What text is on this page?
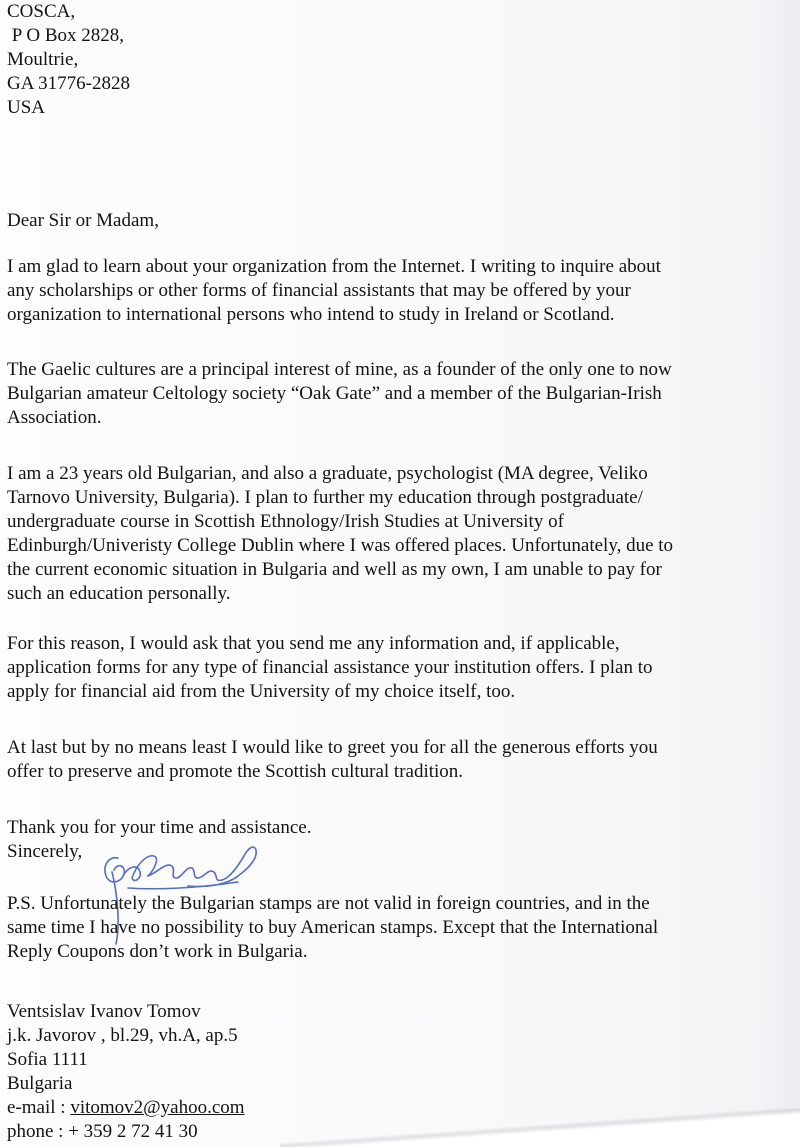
COSCA,
P O Box 2828,
Moultrie,
GA 31776-2828
USA
Dear Sir or Madam,
I am glad to learn about your organization from the Internet. I writing to inquire about
any scholarships or other forms of financial assistants that may be offered by your
organization to international persons who intend to study in Ireland or Scotland.
The Gaelic cultures are a principal interest of mine, as a founder of the only one to now
Bulgarian amateur Celtology society “Oak Gate” and a member of the Bulgarian-Irish
Association.
I am a 23 years old Bulgarian, and also a graduate, psychologist (MA degree, Veliko
Tarnovo University, Bulgaria). I plan to further my education through postgraduate/
undergraduate course in Scottish Ethnology/Irish Studies at University of
Edinburgh/Univeristy College Dublin where I was offered places. Unfortunately, due to
the current economic situation in Bulgaria and well as my own, I am unable to pay for
such an education personally.
For this reason, I would ask that you send me any information and, if applicable,
application forms for any type of financial assistance your institution offers. I plan to
apply for financial aid from the University of my choice itself, too.
At last but by no means least I would like to greet you for all the generous efforts you
offer to preserve and promote the Scottish cultural tradition.
Thank you for your time and assistance.
Sincerely,
P.S. Unfortunately the Bulgarian stamps are not valid in foreign countries, and in the
same time I have no possibility to buy American stamps. Except that the International
Reply Coupons don’t work in Bulgaria.
Ventsislav Ivanov Tomov
j.k. Javorov , bl.29, vh.A, ap.5
Sofia 1111
Bulgaria
e-mail : vitomov2@yahoo.com
phone : + 359 2 72 41 30
